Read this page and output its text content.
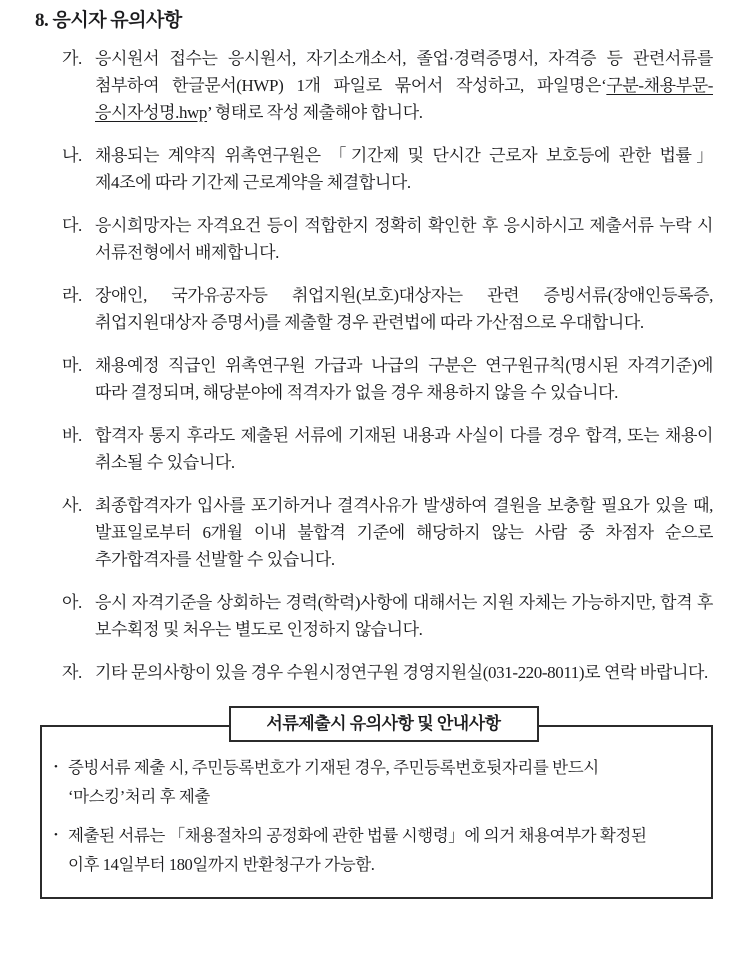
8. 응시자 유의사항
가. 응시원서 접수는 응시원서, 자기소개소서, 졸업·경력증명서, 자격증 등 관련서류를 첨부하여 한글문서(HWP) 1개 파일로 묶어서 작성하고, 파일명은‘구분-채용부문-응시자성명.hwp’ 형태로 작성 제출해야 합니다.
나. 채용되는 계약직 위촉연구원은 「기간제 및 단시간 근로자 보호등에 관한 법률」 제4조에 따라 기간제 근로계약을 체결합니다.
다. 응시희망자는 자격요건 등이 적합한지 정확히 확인한 후 응시하시고 제출서류 누락 시 서류전형에서 배제합니다.
라. 장애인, 국가유공자등 취업지원(보호)대상자는 관련 증빙서류(장애인등록증, 취업지원대상자 증명서)를 제출할 경우 관련법에 따라 가산점으로 우대합니다.
마. 채용예정 직급인 위촉연구원 가급과 나급의 구분은 연구원규칙(명시된 자격기준)에 따라 결정되며, 해당분야에 적격자가 없을 경우 채용하지 않을 수 있습니다.
바. 합격자 통지 후라도 제출된 서류에 기재된 내용과 사실이 다를 경우 합격, 또는 채용이 취소될 수 있습니다.
사. 최종합격자가 입사를 포기하거나 결격사유가 발생하여 결원을 보충할 필요가 있을 때, 발표일로부터 6개월 이내 불합격 기준에 해당하지 않는 사람 중 차점자 순으로 추가합격자를 선발할 수 있습니다.
아. 응시 자격기준을 상회하는 경력(학력)사항에 대해서는 지원 자체는 가능하지만, 합격 후 보수획정 및 처우는 별도로 인정하지 않습니다.
자. 기타 문의사항이 있을 경우 수원시정연구원 경영지원실(031-220-8011)로 연락 바랍니다.
서류제출시 유의사항 및 안내사항
• 증빙서류 제출 시, 주민등록번호가 기재된 경우, 주민등록번호뒷자리를 반드시 ‘마스킹’처리 후 제출
• 제출된 서류는 「채용절차의 공정화에 관한 법률 시행령」에 의거 채용여부가 확정된 이후 14일부터 180일까지 반환청구가 가능함.
